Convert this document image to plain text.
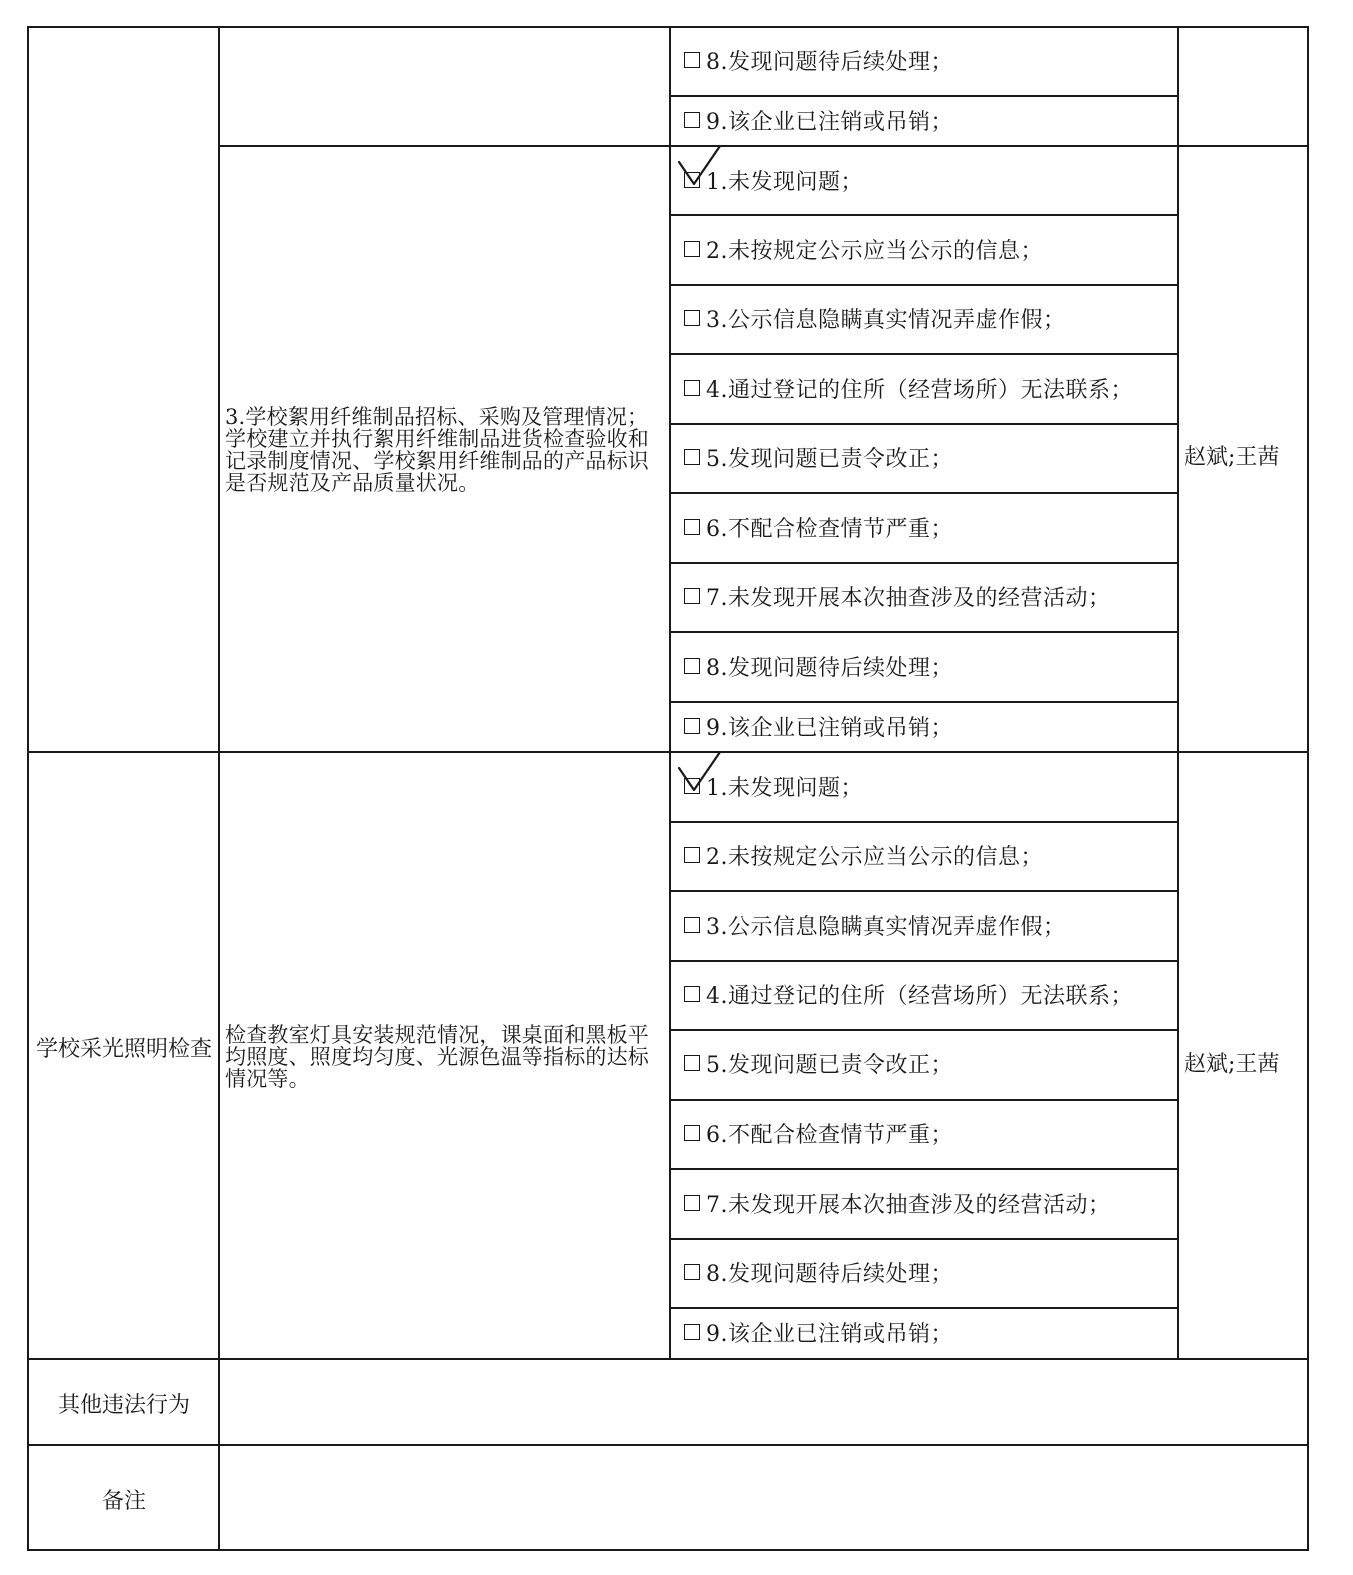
8.发现问题待后续处理；
9.该企业已注销或吊销；
3.学校絮用纤维制品招标、采购及管理情况；学校建立并执行絮用纤维制品进货检查验收和记录制度情况、学校絮用纤维制品的产品标识是否规范及产品质量状况。
赵斌;王茜
1.未发现问题；
2.未按规定公示应当公示的信息；
3.公示信息隐瞒真实情况弄虚作假；
4.通过登记的住所（经营场所）无法联系；
5.发现问题已责令改正；
6.不配合检查情节严重；
7.未发现开展本次抽查涉及的经营活动；
8.发现问题待后续处理；
9.该企业已注销或吊销；
学校采光照明检查
检查教室灯具安装规范情况，课桌面和黑板平均照度、照度均匀度、光源色温等指标的达标情况等。
赵斌;王茜
1.未发现问题；
2.未按规定公示应当公示的信息；
3.公示信息隐瞒真实情况弄虚作假；
4.通过登记的住所（经营场所）无法联系；
5.发现问题已责令改正；
6.不配合检查情节严重；
7.未发现开展本次抽查涉及的经营活动；
8.发现问题待后续处理；
9.该企业已注销或吊销；
其他违法行为
备注
